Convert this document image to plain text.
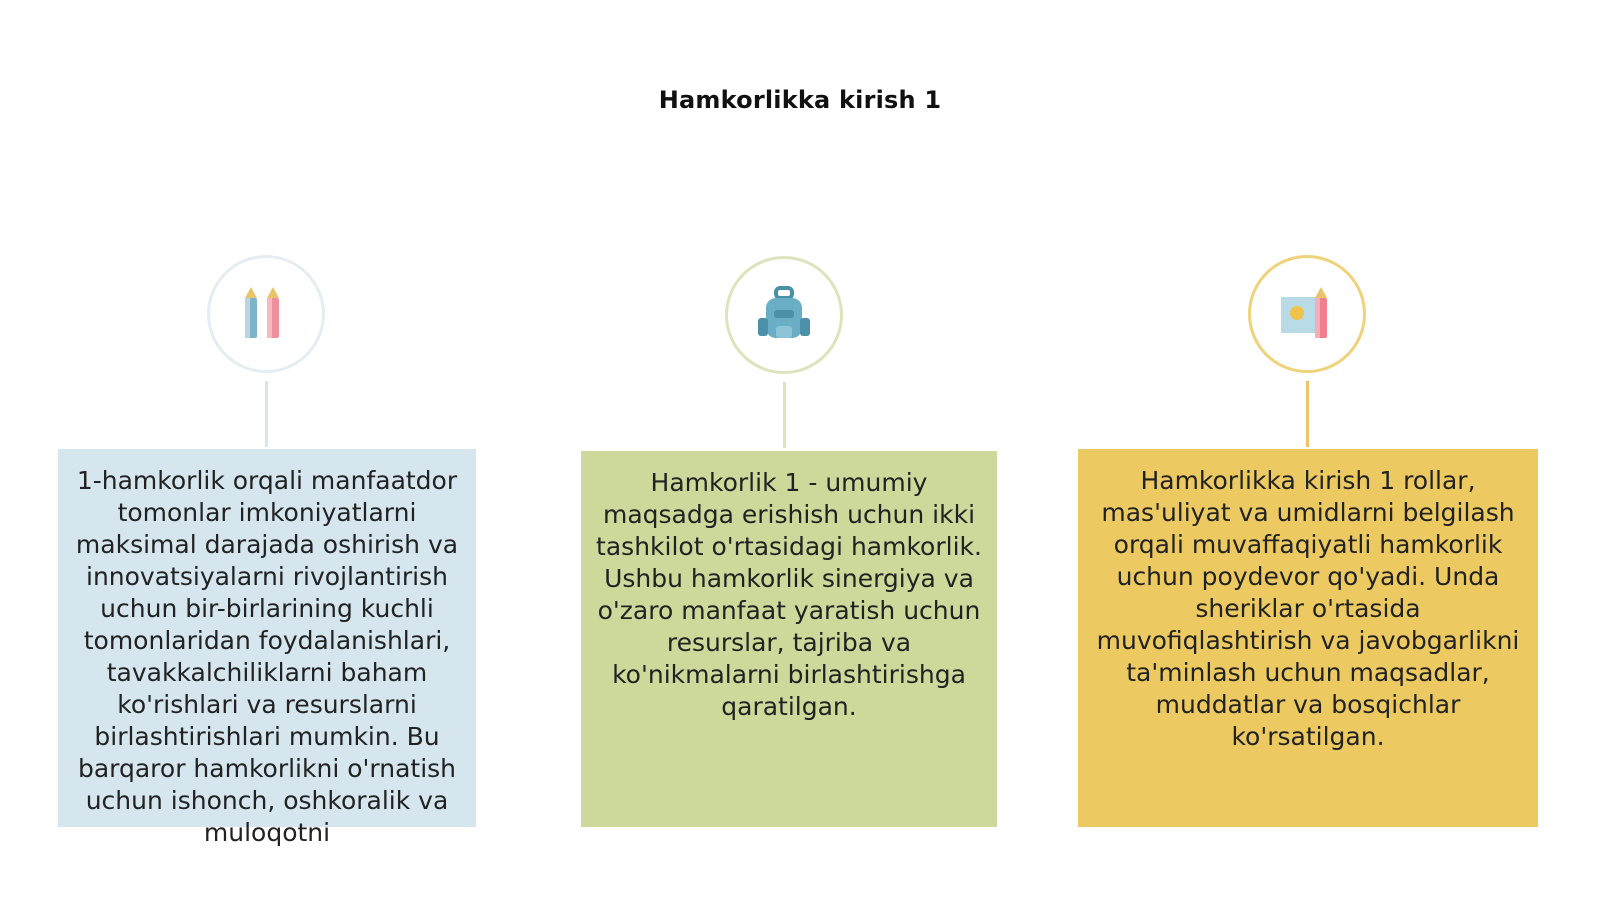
Hamkorlikka kirish 1
1-hamkorlik orqali manfaatdor tomonlar imkoniyatlarni maksimal darajada oshirish va innovatsiyalarni rivojlantirish uchun bir-birlarining kuchli tomonlaridan foydalanishlari, tavakkalchiliklarni baham ko'rishlari va resurslarni birlashtirishlari mumkin. Bu barqaror hamkorlikni o'rnatish uchun ishonch, oshkoralik va muloqotni
Hamkorlik 1 - umumiy maqsadga erishish uchun ikki tashkilot o'rtasidagi hamkorlik. Ushbu hamkorlik sinergiya va o'zaro manfaat yaratish uchun resurslar, tajriba va ko'nikmalarni birlashtirishga qaratilgan.
Hamkorlikka kirish 1 rollar, mas'uliyat va umidlarni belgilash orqali muvaffaqiyatli hamkorlik uchun poydevor qo'yadi. Unda sheriklar o'rtasida muvofiqlashtirish va javobgarlikni ta'minlash uchun maqsadlar, muddatlar va bosqichlar ko'rsatilgan.
